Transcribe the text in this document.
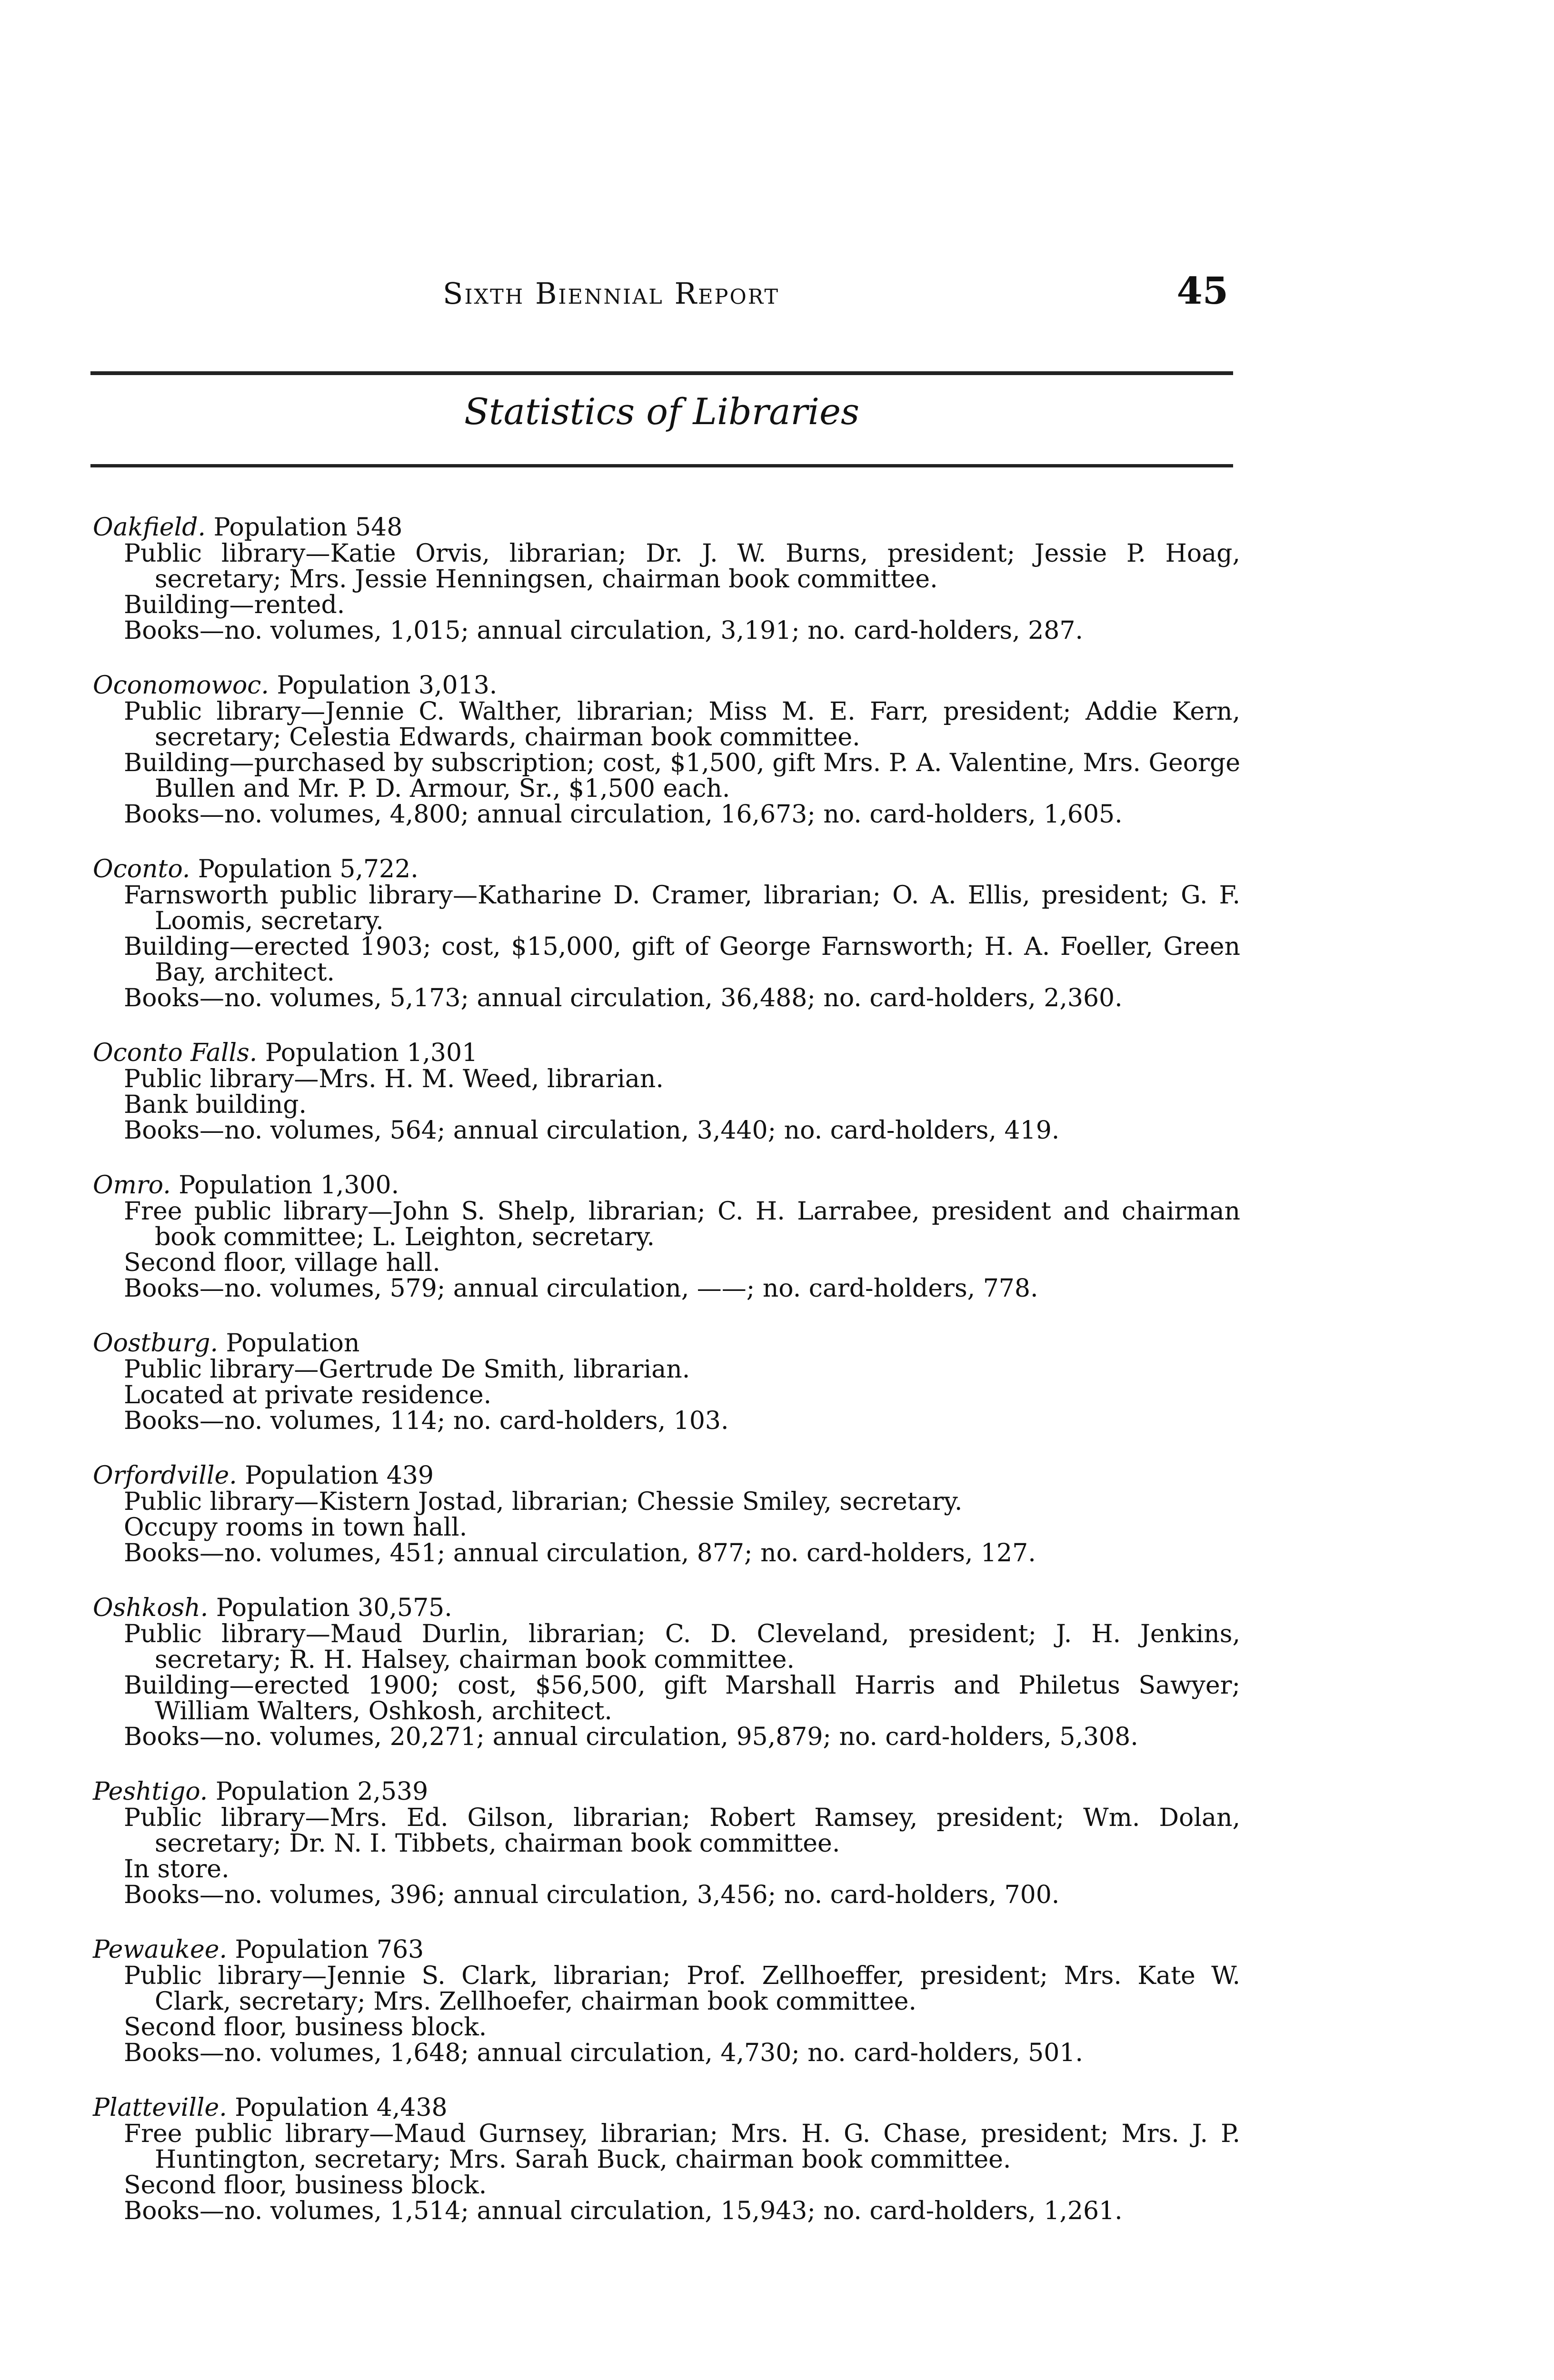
Sixth Biennial Report	45
Statistics of Libraries
Oakfield. Population 548
Public library—Katie Orvis, librarian; Dr. J. W. Burns, president; Jessie P. Hoag, secretary; Mrs. Jessie Henningsen, chairman book committee.
Building—rented.
Books—no. volumes, 1,015; annual circulation, 3,191; no. card-holders, 287.
Oconomowoc. Population 3,013.
Public library—Jennie C. Walther, librarian; Miss M. E. Farr, president; Addie Kern, secretary; Celestia Edwards, chairman book committee.
Building—purchased by subscription; cost, $1,500, gift Mrs. P. A. Valentine, Mrs. George Bullen and Mr. P. D. Armour, Sr., $1,500 each.
Books—no. volumes, 4,800; annual circulation, 16,673; no. card-holders, 1,605.
Oconto. Population 5,722.
Farnsworth public library—Katharine D. Cramer, librarian; O. A. Ellis, president; G. F. Loomis, secretary.
Building—erected 1903; cost, $15,000, gift of George Farnsworth; H. A. Foeller, Green Bay, architect.
Books—no. volumes, 5,173; annual circulation, 36,488; no. card-holders, 2,360.
Oconto Falls. Population 1,301
Public library—Mrs. H. M. Weed, librarian.
Bank building.
Books—no. volumes, 564; annual circulation, 3,440; no. card-holders, 419.
Omro. Population 1,300.
Free public library—John S. Shelp, librarian; C. H. Larrabee, president and chairman book committee; L. Leighton, secretary.
Second floor, village hall.
Books—no. volumes, 579; annual circulation, ——; no. card-holders, 778.
Oostburg. Population
Public library—Gertrude De Smith, librarian.
Located at private residence.
Books—no. volumes, 114; no. card-holders, 103.
Orfordville. Population 439
Public library—Kistern Jostad, librarian; Chessie Smiley, secretary.
Occupy rooms in town hall.
Books—no. volumes, 451; annual circulation, 877; no. card-holders, 127.
Oshkosh. Population 30,575.
Public library—Maud Durlin, librarian; C. D. Cleveland, president; J. H. Jenkins, secretary; R. H. Halsey, chairman book committee.
Building—erected 1900; cost, $56,500, gift Marshall Harris and Philetus Sawyer; William Walters, Oshkosh, architect.
Books—no. volumes, 20,271; annual circulation, 95,879; no. card-holders, 5,308.
Peshtigo. Population 2,539
Public library—Mrs. Ed. Gilson, librarian; Robert Ramsey, president; Wm. Dolan, secretary; Dr. N. I. Tibbets, chairman book committee.
In store.
Books—no. volumes, 396; annual circulation, 3,456; no. card-holders, 700.
Pewaukee. Population 763
Public library—Jennie S. Clark, librarian; Prof. Zellhoeffer, president; Mrs. Kate W. Clark, secretary; Mrs. Zellhoefer, chairman book committee.
Second floor, business block.
Books—no. volumes, 1,648; annual circulation, 4,730; no. card-holders, 501.
Platteville. Population 4,438
Free public library—Maud Gurnsey, librarian; Mrs. H. G. Chase, president; Mrs. J. P. Huntington, secretary; Mrs. Sarah Buck, chairman book committee.
Second floor, business block.
Books—no. volumes, 1,514; annual circulation, 15,943; no. card-holders, 1,261.
